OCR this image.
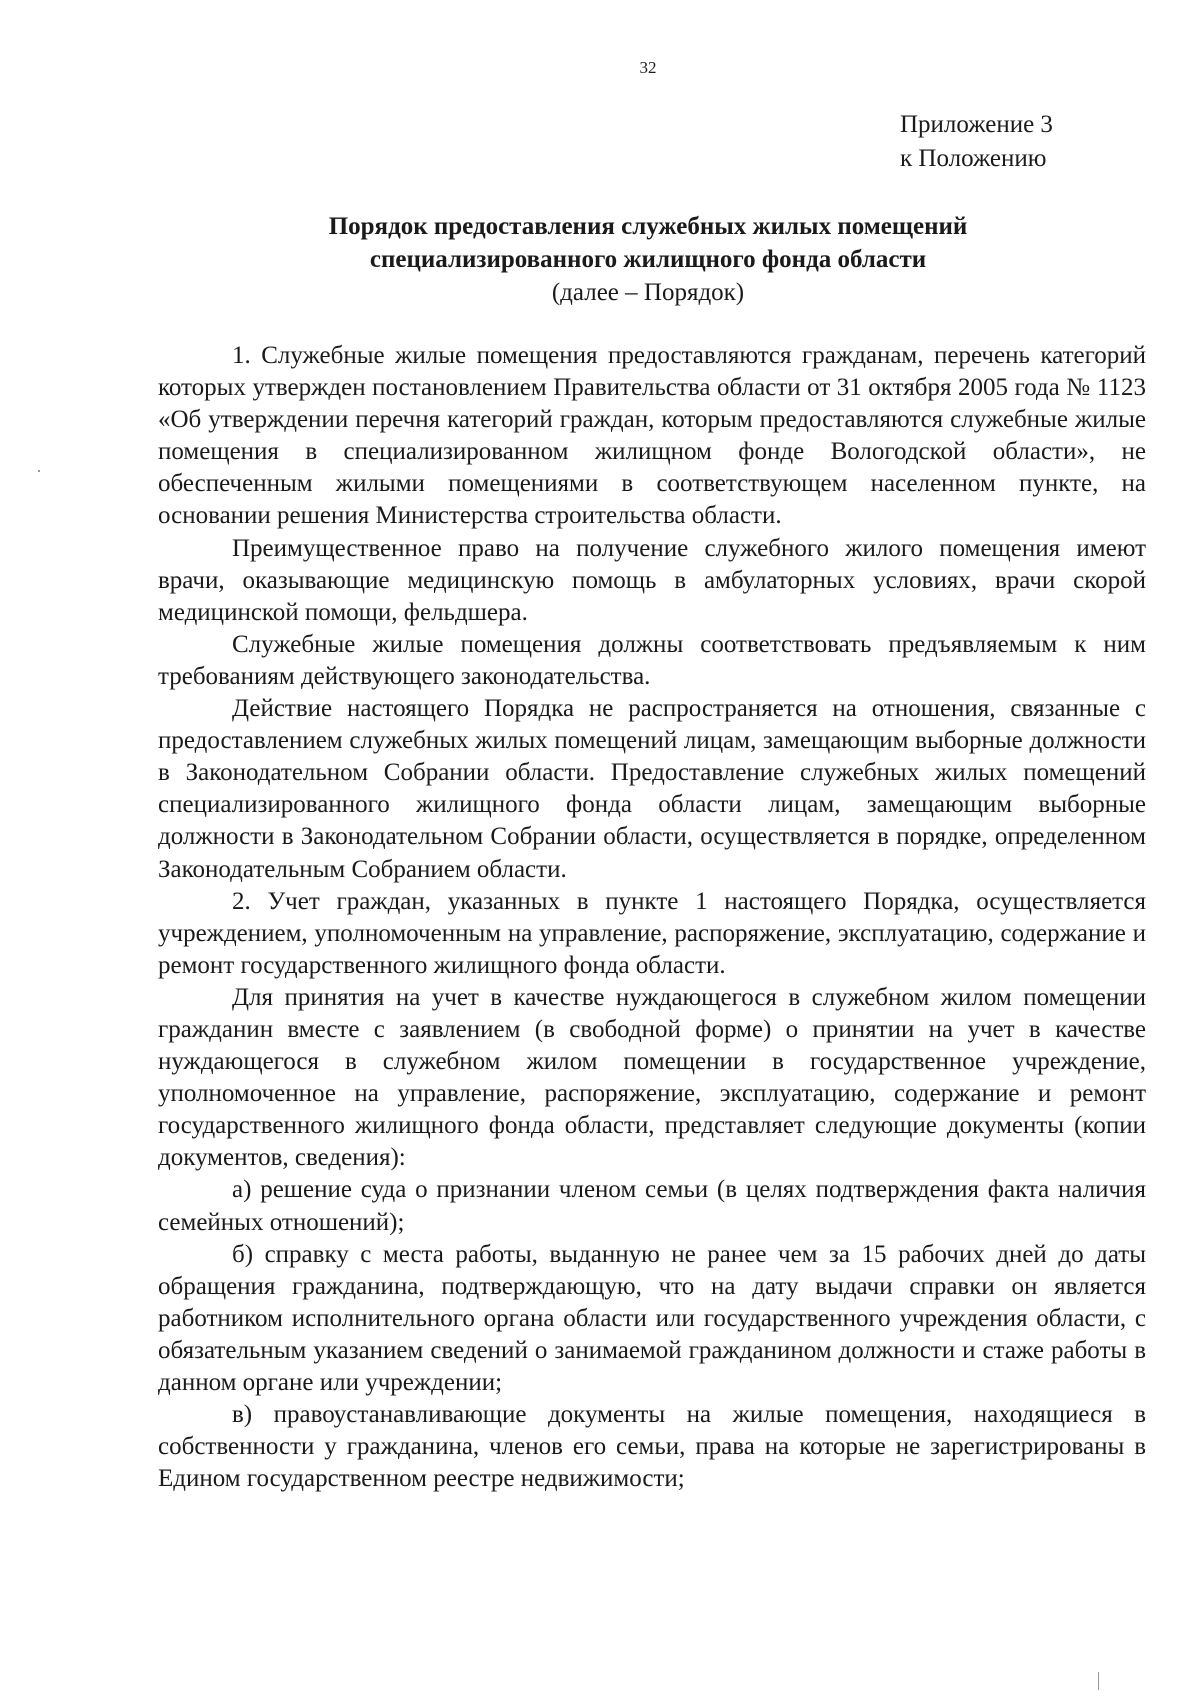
32
Приложение 3
к Положению
Порядок предоставления служебных жилых помещений
специализированного жилищного фонда области
(далее – Порядок)

1. Служебные жилые помещения предоставляются гражданам, перечень категорий которых утвержден постановлением Правительства области от 31 октября 2005 года № 1123 «Об утверждении перечня категорий граждан, которым предоставляются служебные жилые помещения в специализированном жилищном фонде Вологодской области», не обеспеченным жилыми помещениями в соответствующем населенном пункте, на основании решения Министерства строительства области.

Преимущественное право на получение служебного жилого помещения имеют врачи, оказывающие медицинскую помощь в амбулаторных условиях, врачи скорой медицинской помощи, фельдшера.

Служебные жилые помещения должны соответствовать предъявляемым к ним требованиям действующего законодательства.

Действие настоящего Порядка не распространяется на отношения, связанные с предоставлением служебных жилых помещений лицам, замещающим выборные должности в Законодательном Собрании области. Предоставление служебных жилых помещений специализированного жилищного фонда области лицам, замещающим выборные должности в Законодательном Собрании области, осуществляется в порядке, определенном Законодательным Собранием области.

2. Учет граждан, указанных в пункте 1 настоящего Порядка, осуществляется учреждением, уполномоченным на управление, распоряжение, эксплуатацию, содержание и ремонт государственного жилищного фонда области.

Для принятия на учет в качестве нуждающегося в служебном жилом помещении гражданин вместе с заявлением (в свободной форме) о принятии на учет в качестве нуждающегося в служебном жилом помещении в государственное учреждение, уполномоченное на управление, распоряжение, эксплуатацию, содержание и ремонт государственного жилищного фонда области, представляет следующие документы (копии документов, сведения):

а) решение суда о признании членом семьи (в целях подтверждения факта наличия семейных отношений);

б) справку с места работы, выданную не ранее чем за 15 рабочих дней до даты обращения гражданина, подтверждающую, что на дату выдачи справки он является работником исполнительного органа области или государственного учреждения области, с обязательным указанием сведений о занимаемой гражданином должности и стаже работы в данном органе или учреждении;

в) правоустанавливающие документы на жилые помещения, находящиеся в собственности у гражданина, членов его семьи, права на которые не зарегистрированы в Едином государственном реестре недвижимости;
